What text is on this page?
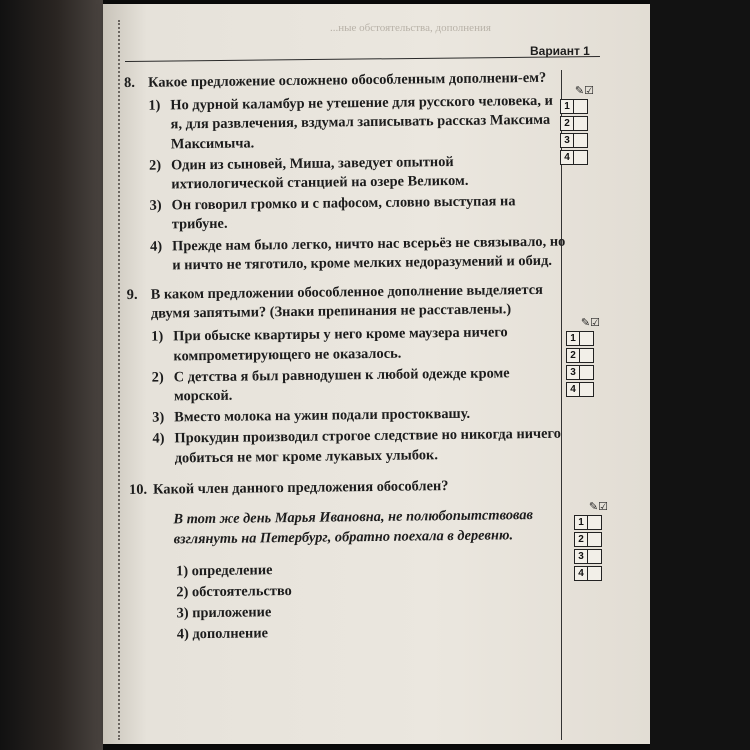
...ные обстоятельства, дополнения
Вариант 1
8. Какое предложение осложнено обособленным дополнени-ем?
1) Но дурной каламбур не утешение для русского человека, и я, для развлечения, вздумал записывать рассказ Максима Максимыча.
2) Один из сыновей, Миша, заведует опытной ихтиологической станцией на озере Великом.
3) Он говорил громко и с пафосом, словно выступая на трибуне.
4) Прежде нам было легко, ничто нас всерьёз не связывало, но и ничто не тяготило, кроме мелких недоразумений и обид.
9. В каком предложении обособленное дополнение выделяется двумя запятыми? (Знаки препинания не расставлены.)
1) При обыске квартиры у него кроме маузера ничего компрометирующего не оказалось.
2) С детства я был равнодушен к любой одежде кроме морской.
3) Вместо молока на ужин подали простоквашу.
4) Прокудин производил строгое следствие но никогда ничего добиться не мог кроме лукавых улыбок.
10. Какой член данного предложения обособлен?
В тот же день Марья Ивановна, не полюбопытствовав взглянуть на Петербург, обратно поехала в деревню.
1) определение
2) обстоятельство
3) приложение
4) дополнение
✎☑
1
2
3
4
✎☑
1
2
3
4
✎☑
1
2
3
4
